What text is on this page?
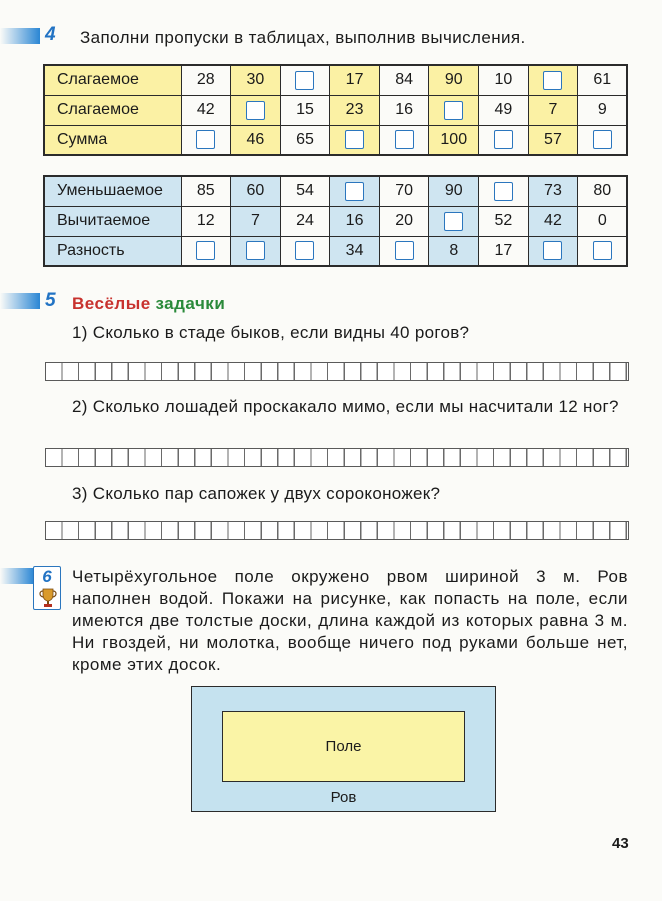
4 Заполни пропуски в таблицах, выполнив вычисления.
Слагаемое	28	30		17	84	90	10		61
Слагаемое	42		15	23	16		49	7	9
Сумма		46	65			100		57	
Уменьшаемое	85	60	54		70	90		73	80
Вычитаемое	12	7	24	16	20		52	42	0
Разность				34		8	17		
5 Весёлые задачки
1) Сколько в стаде быков, если видны 40 рогов?
2) Сколько лошадей проскакало мимо, если мы насчитали 12 ног?
3) Сколько пар сапожек у двух сороконожек?
6	Четырёхугольное поле окружено рвом шириной 3 м. Ров наполнен водой. Покажи на рисунке, как попасть на поле, если имеются две толстые доски, длина каждой из которых равна 3 м. Ни гвоздей, ни молотка, вообще ничего под руками больше нет, кроме этих досок.
Поле
Ров
43
